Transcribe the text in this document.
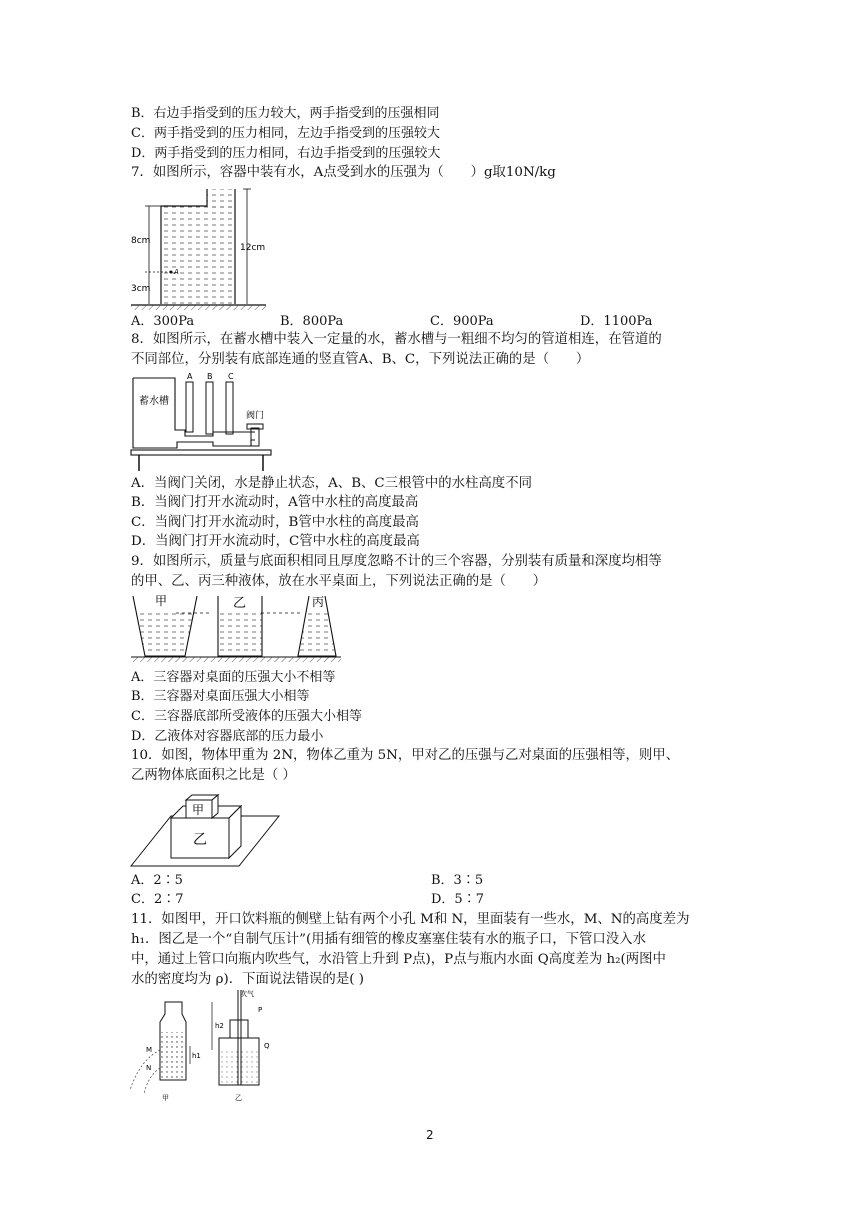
B．右边手指受到的压力较大，两手指受到的压强相同
C．两手指受到的压力相同，左边手指受到的压强较大
D．两手指受到的压力相同，右边手指受到的压强较大
7．如图所示，容器中装有水，A点受到水的压强为（　　）g取10N/kg
8cm
3cm
12cm
A
A．300Pa	B．800Pa	C．900Pa	D．1100Pa
8．如图所示，在蓄水槽中装入一定量的水，蓄水槽与一粗细不均匀的管道相连，在管道的
不同部位，分别装有底部连通的竖直管A、B、C，下列说法正确的是（　　）
蓄水槽
阀门
A B C
A．当阀门关闭，水是静止状态，A、B、C三根管中的水柱高度不同
B．当阀门打开水流动时，A管中水柱的高度最高
C．当阀门打开水流动时，B管中水柱的高度最高
D．当阀门打开水流动时，C管中水柱的高度最高
9．如图所示，质量与底面积相同且厚度忽略不计的三个容器，分别装有质量和深度均相等
的甲、乙、丙三种液体，放在水平桌面上，下列说法正确的是（　　）
甲	乙	丙
A．三容器对桌面的压强大小不相等
B．三容器对桌面压强大小相等
C．三容器底部所受液体的压强大小相等
D．乙液体对容器底部的压力最小
10．如图，物体甲重为 2N，物体乙重为 5N，甲对乙的压强与乙对桌面的压强相等，则甲、
乙两物体底面积之比是（ ）
甲
乙
A．2∶5	B．3∶5
C．2∶7	D．5∶7
11．如图甲，开口饮料瓶的侧壁上钻有两个小孔 M和 N，里面装有一些水，M、N的高度差为
h₁．图乙是一个“自制气压计”(用插有细管的橡皮塞塞住装有水的瓶子口，下管口没入水
中，通过上管口向瓶内吹些气，水沿管上升到 P点)，P点与瓶内水面 Q高度差为 h₂(两图中
水的密度均为 ρ)．下面说法错误的是( )
M
N
h1
甲
吹气
P
Q
h2
乙
2
